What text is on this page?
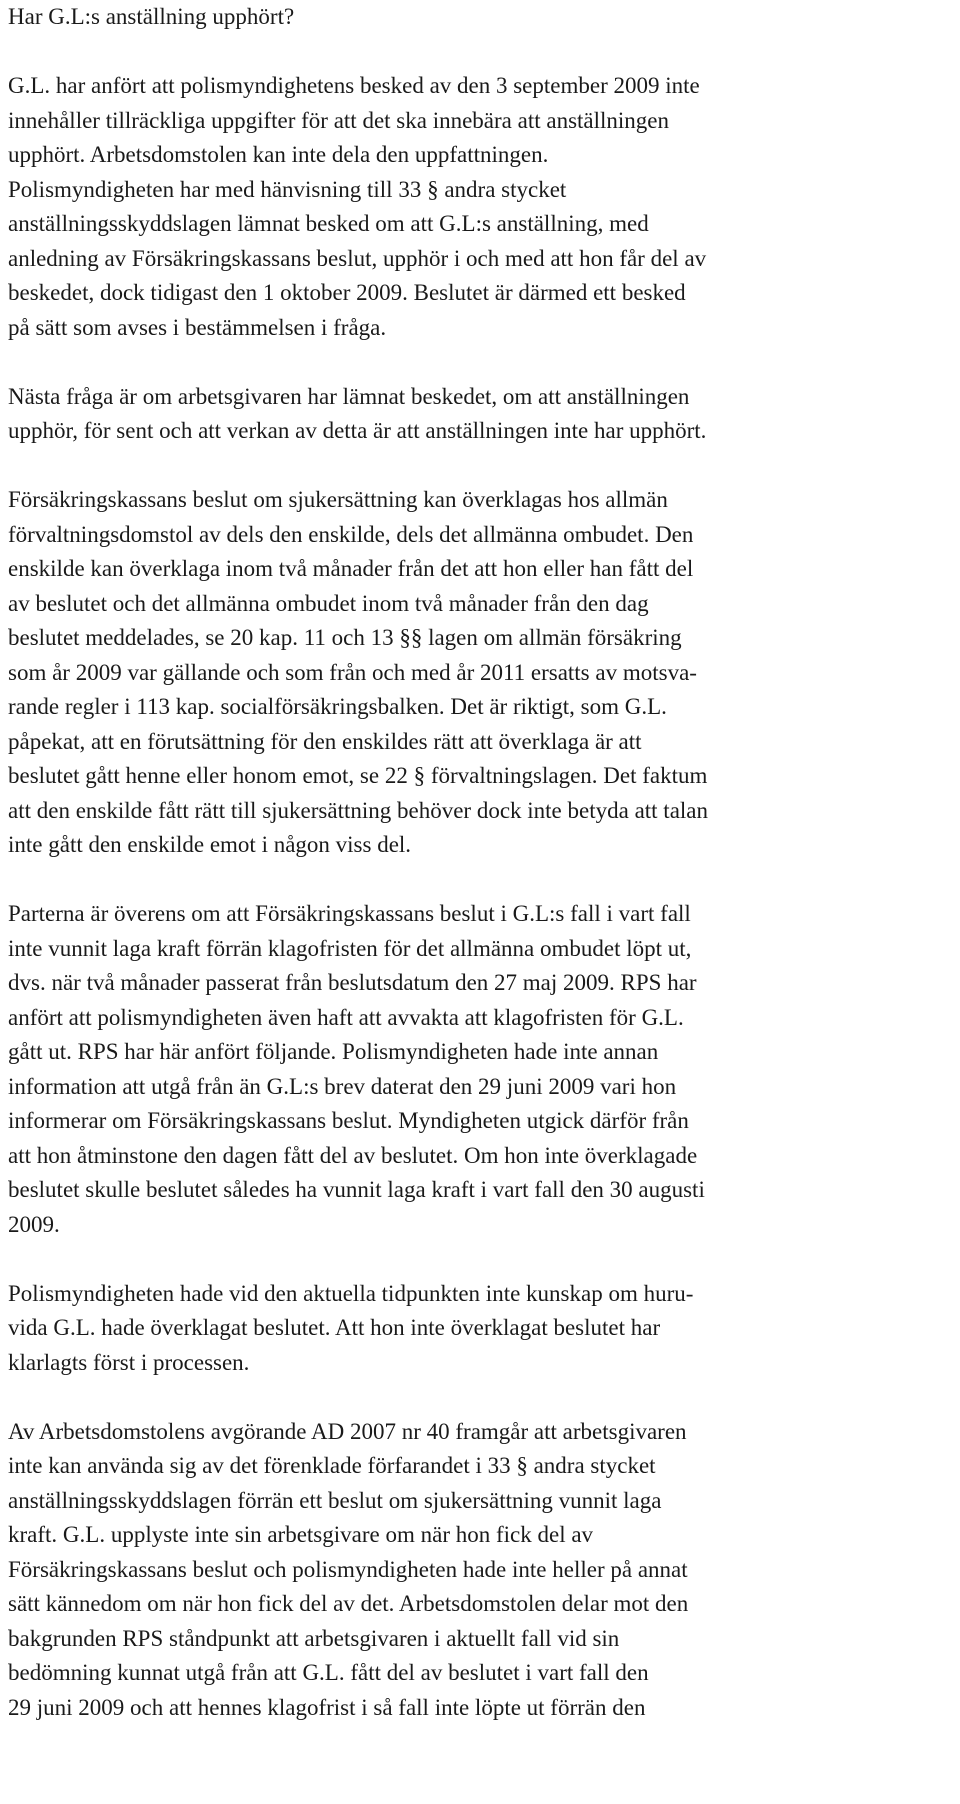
Har G.L:s anställning upphört?
G.L. har anfört att polismyndighetens besked av den 3 september 2009 inte
innehåller tillräckliga uppgifter för att det ska innebära att anställningen
upphört. Arbetsdomstolen kan inte dela den uppfattningen.
Polismyndigheten har med hänvisning till 33 § andra stycket
anställningsskyddslagen lämnat besked om att G.L:s anställning, med
anledning av Försäkringskassans beslut, upphör i och med att hon får del av
beskedet, dock tidigast den 1 oktober 2009. Beslutet är därmed ett besked
på sätt som avses i bestämmelsen i fråga.
Nästa fråga är om arbetsgivaren har lämnat beskedet, om att anställningen
upphör, för sent och att verkan av detta är att anställningen inte har upphört.
Försäkringskassans beslut om sjukersättning kan överklagas hos allmän
förvaltningsdomstol av dels den enskilde, dels det allmänna ombudet. Den
enskilde kan överklaga inom två månader från det att hon eller han fått del
av beslutet och det allmänna ombudet inom två månader från den dag
beslutet meddelades, se 20 kap. 11 och 13 §§ lagen om allmän försäkring
som år 2009 var gällande och som från och med år 2011 ersatts av motsva-
rande regler i 113 kap. socialförsäkringsbalken. Det är riktigt, som G.L.
påpekat, att en förutsättning för den enskildes rätt att överklaga är att
beslutet gått henne eller honom emot, se 22 § förvaltningslagen. Det faktum
att den enskilde fått rätt till sjukersättning behöver dock inte betyda att talan
inte gått den enskilde emot i någon viss del.
Parterna är överens om att Försäkringskassans beslut i G.L:s fall i vart fall
inte vunnit laga kraft förrän klagofristen för det allmänna ombudet löpt ut,
dvs. när två månader passerat från beslutsdatum den 27 maj 2009. RPS har
anfört att polismyndigheten även haft att avvakta att klagofristen för G.L.
gått ut. RPS har här anfört följande. Polismyndigheten hade inte annan
information att utgå från än G.L:s brev daterat den 29 juni 2009 vari hon
informerar om Försäkringskassans beslut. Myndigheten utgick därför från
att hon åtminstone den dagen fått del av beslutet. Om hon inte överklagade
beslutet skulle beslutet således ha vunnit laga kraft i vart fall den 30 augusti
2009.
Polismyndigheten hade vid den aktuella tidpunkten inte kunskap om huru-
vida G.L. hade överklagat beslutet. Att hon inte överklagat beslutet har
klarlagts först i processen.
Av Arbetsdomstolens avgörande AD 2007 nr 40 framgår att arbetsgivaren
inte kan använda sig av det förenklade förfarandet i 33 § andra stycket
anställningsskyddslagen förrän ett beslut om sjukersättning vunnit laga
kraft. G.L. upplyste inte sin arbetsgivare om när hon fick del av
Försäkringskassans beslut och polismyndigheten hade inte heller på annat
sätt kännedom om när hon fick del av det. Arbetsdomstolen delar mot den
bakgrunden RPS ståndpunkt att arbetsgivaren i aktuellt fall vid sin
bedömning kunnat utgå från att G.L. fått del av beslutet i vart fall den
29 juni 2009 och att hennes klagofrist i så fall inte löpte ut förrän den
